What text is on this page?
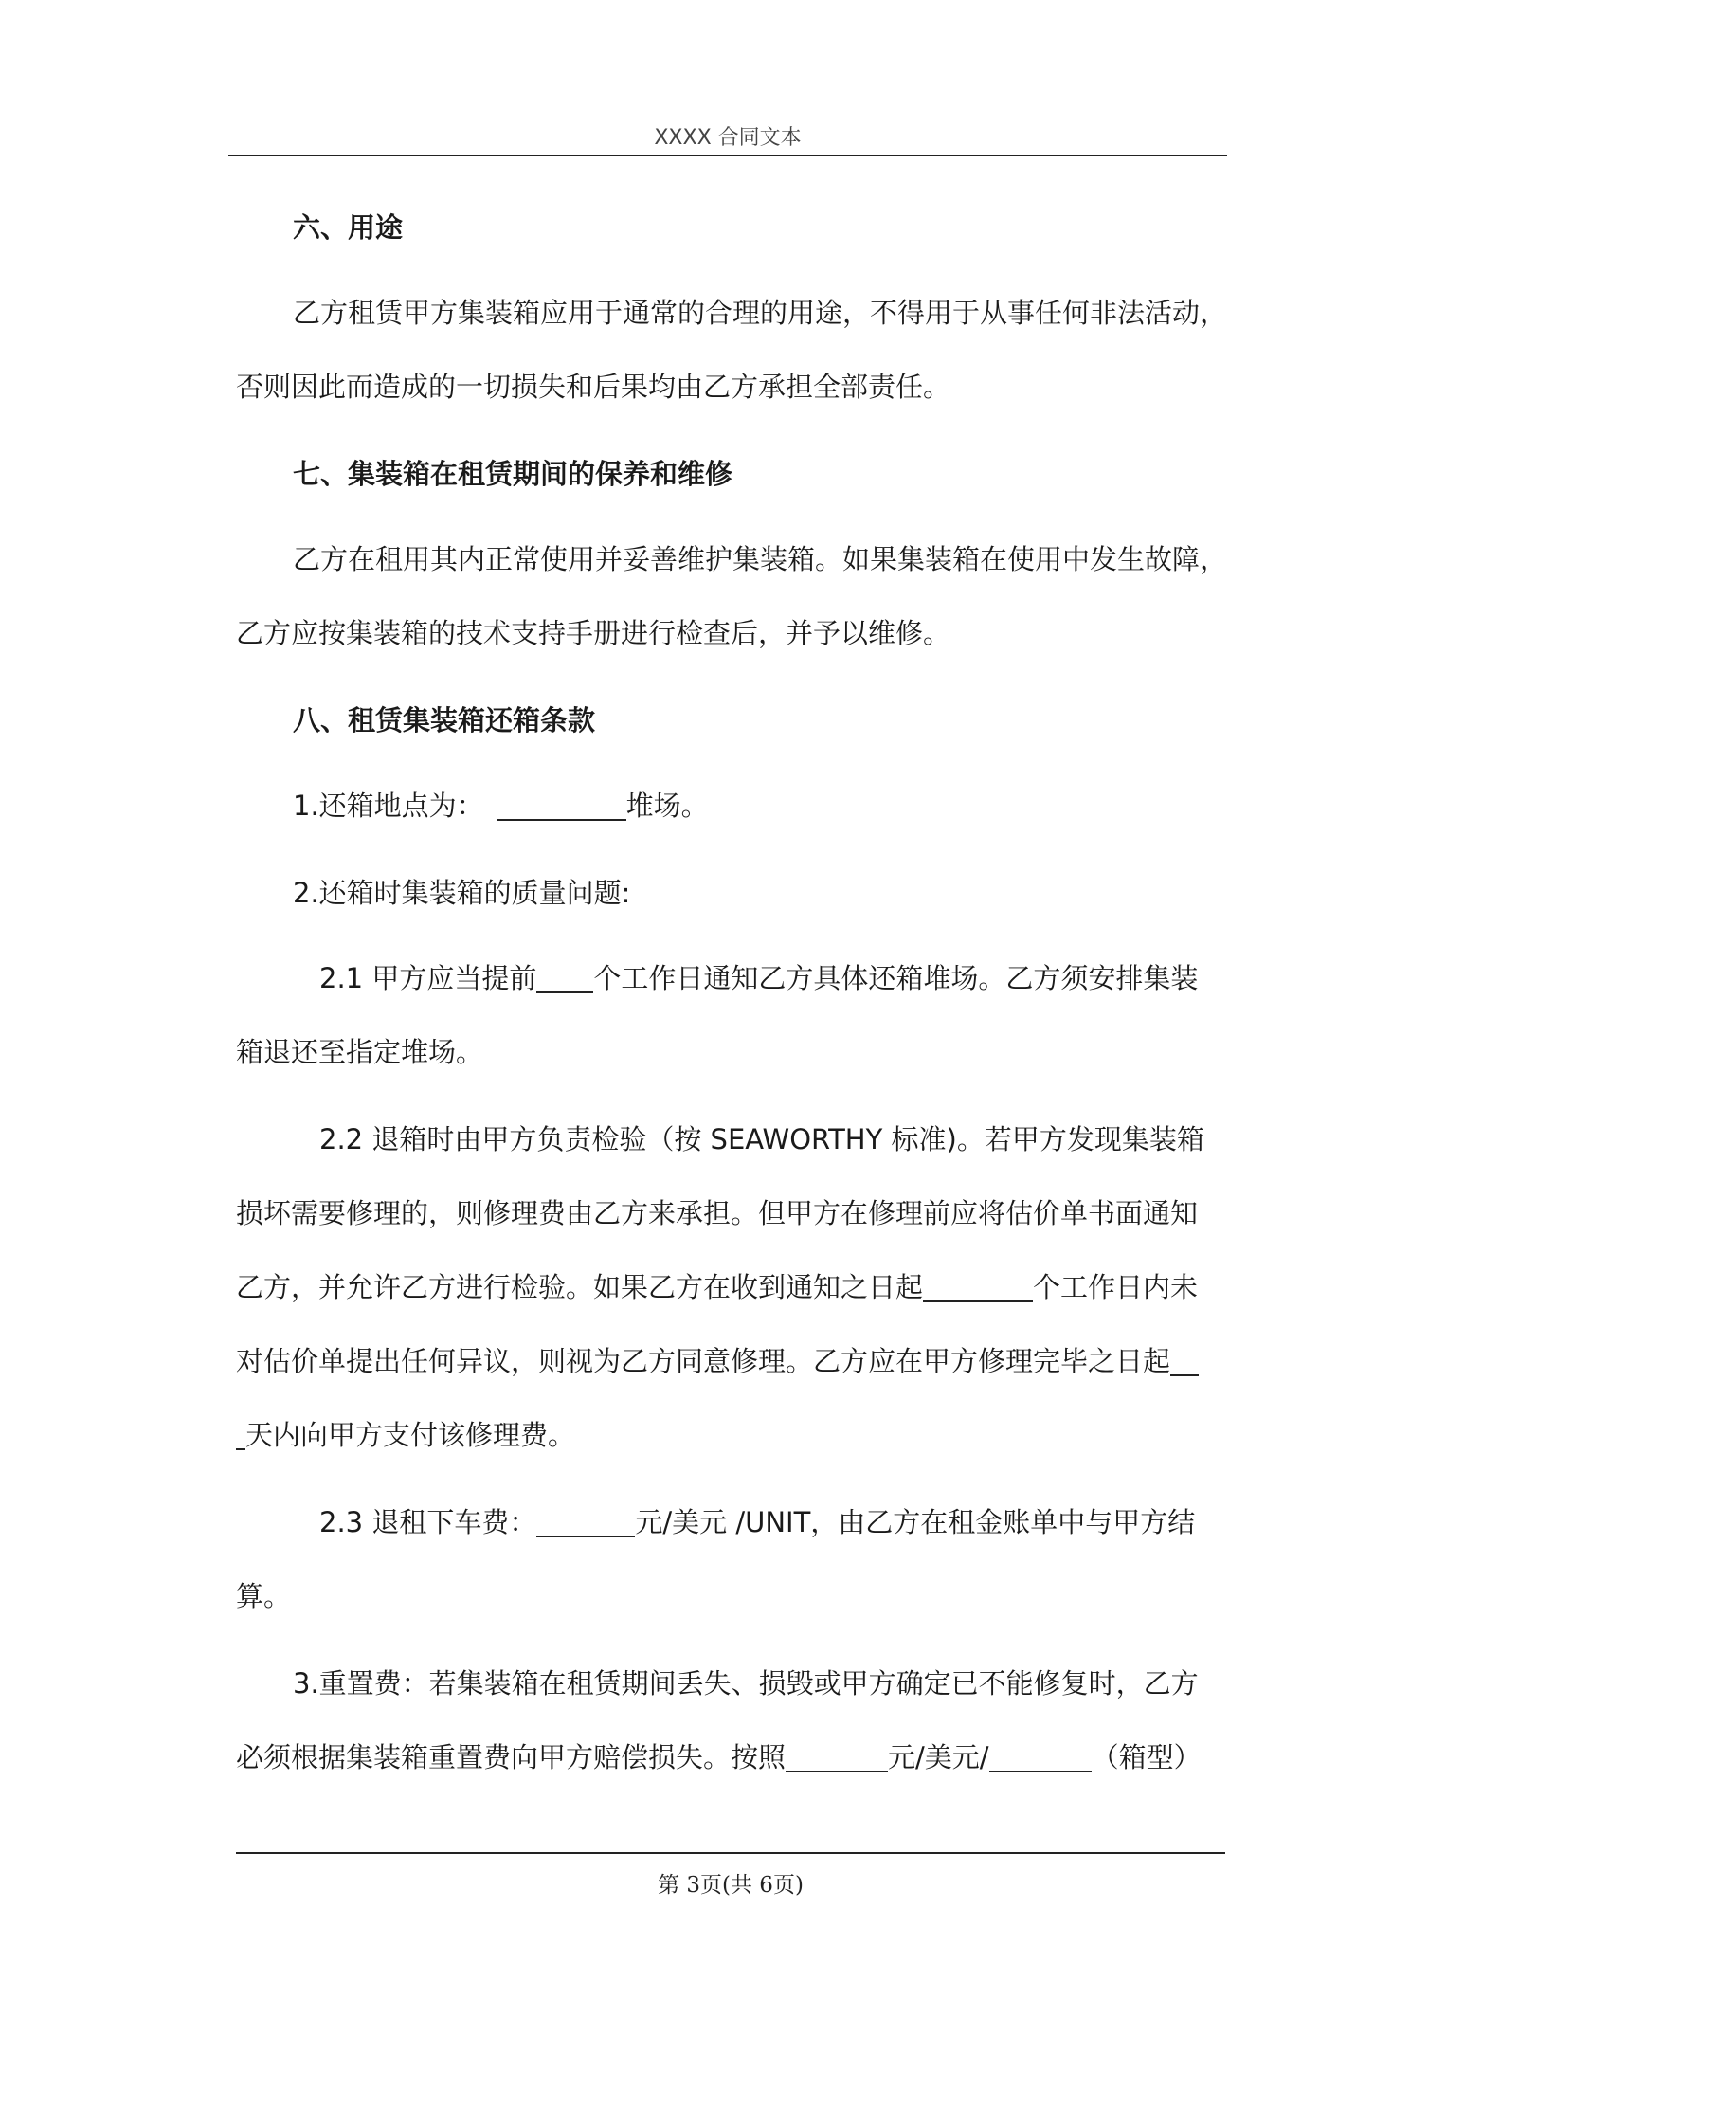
XXXX 合同文本
六、用途
乙方租赁甲方集装箱应用于通常的合理的用途，不得用于从事任何非法活动，
否则因此而造成的一切损失和后果均由乙方承担全部责任。
七、集装箱在租赁期间的保养和维修
乙方在租用其内正常使用并妥善维护集装箱。如果集装箱在使用中发生故障，
乙方应按集装箱的技术支持手册进行检查后，并予以维修。
八、租赁集装箱还箱条款
1.还箱地点为：	堆场。
2.还箱时集装箱的质量问题:
2.1 甲方应当提前 个工作日通知乙方具体还箱堆场。乙方须安排集装
箱退还至指定堆场。
2.2 退箱时由甲方负责检验（按 SEAWORTHY 标准)。若甲方发现集装箱
损坏需要修理的，则修理费由乙方来承担。但甲方在修理前应将估价单书面通知
乙方，并允许乙方进行检验。如果乙方在收到通知之日起	个工作日内未
对估价单提出任何异议，则视为乙方同意修理。乙方应在甲方修理完毕之日起
天内向甲方支付该修理费。
2.3 退租下车费：	元/美元 /UNIT，由乙方在租金账单中与甲方结
算。
3.重置费：若集装箱在租赁期间丢失、损毁或甲方确定已不能修复时，乙方
必须根据集装箱重置费向甲方赔偿损失。按照	元/美元/	（箱型）
第 3页(共 6页)
